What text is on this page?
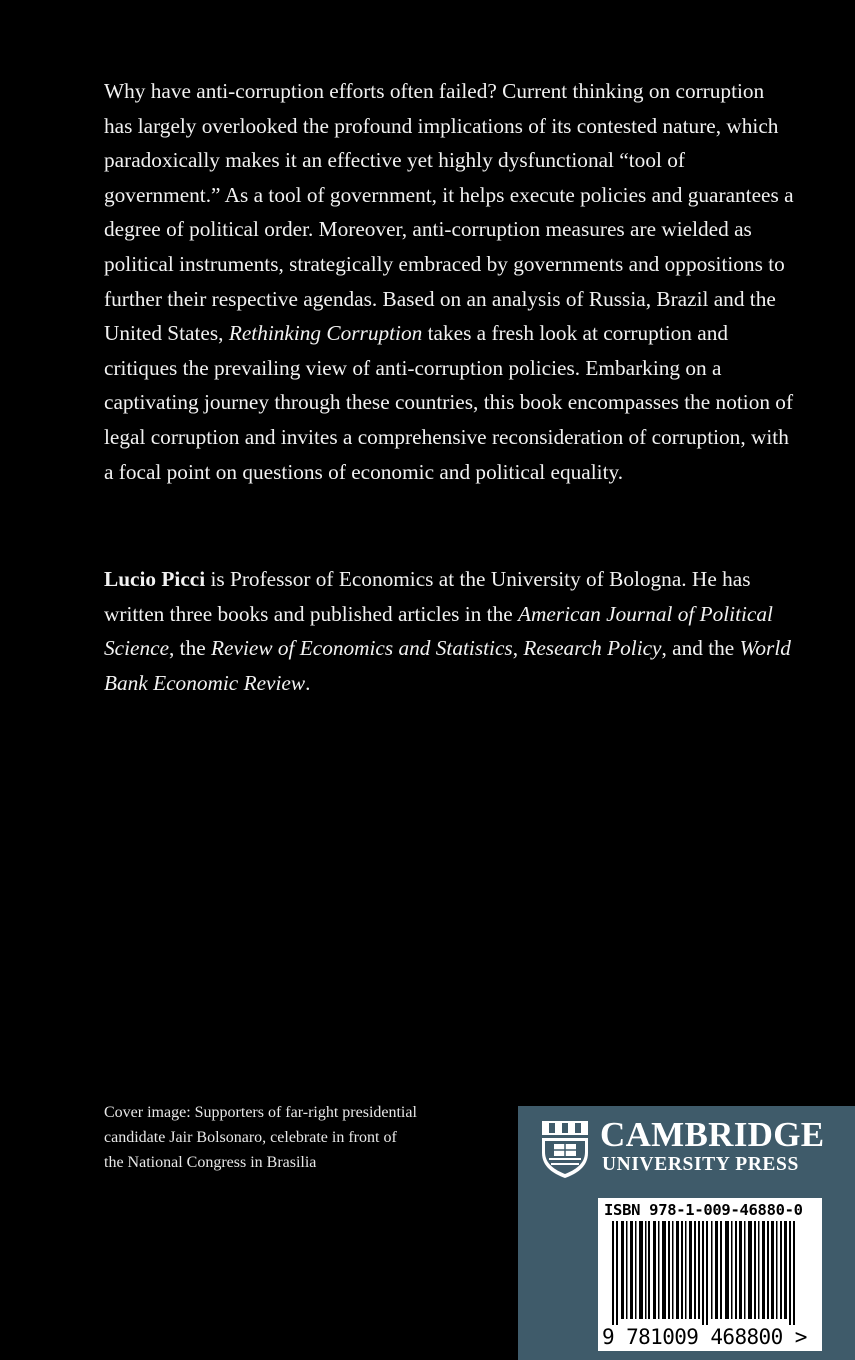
Why have anti-corruption efforts often failed? Current thinking on corruption has largely overlooked the profound implications of its contested nature, which paradoxically makes it an effective yet highly dysfunctional “tool of government.” As a tool of government, it helps execute policies and guarantees a degree of political order. Moreover, anti-corruption measures are wielded as political instruments, strategically embraced by governments and oppositions to further their respective agendas. Based on an analysis of Russia, Brazil and the United States, Rethinking Corruption takes a fresh look at corruption and critiques the prevailing view of anti-corruption policies. Embarking on a captivating journey through these countries, this book encompasses the notion of legal corruption and invites a comprehensive reconsideration of corruption, with a focal point on questions of economic and political equality.

Lucio Picci is Professor of Economics at the University of Bologna. He has written three books and published articles in the American Journal of Political Science, the Review of Economics and Statistics, Research Policy, and the World Bank Economic Review.

Cover image: Supporters of far-right presidential

candidate Jair Bolsonaro, celebrate in front of

the National Congress in Brasilia

CAMBRIDGE
UNIVERSITY PRESS
ISBN 978-1-009-46880-0
9 781009 468800 >
